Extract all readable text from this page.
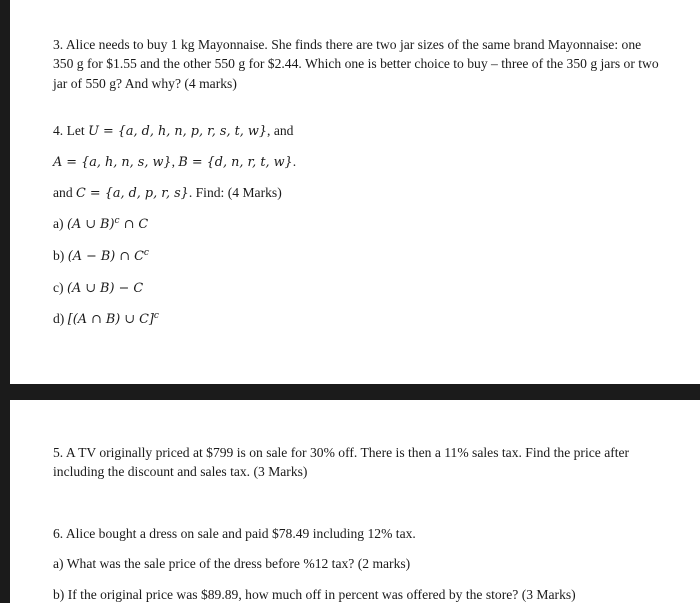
3. Alice needs to buy 1 kg Mayonnaise. She finds there are two jar sizes of the same brand Mayonnaise: one
350 g for $1.55 and the other 550 g for $2.44. Which one is better choice to buy – three of the 350 g jars or two
jar of 550 g? And why? (4 marks)
4. Let U = {a, d, h, n, p, r, s, t, w}, and
A = {a, h, n, s, w}, B = {d, n, r, t, w}.
and C = {a, d, p, r, s}. Find: (4 Marks)
a) (A ∪ B)$^c$ ∩ C
b) (A − B) ∩ $C^c$
c) (A ∪ B) − C
d) [(A ∩ B) ∪ C]$^c$
5. A TV originally priced at $799 is on sale for 30% off. There is then a 11% sales tax. Find the price after
including the discount and sales tax. (3 Marks)
6. Alice bought a dress on sale and paid $78.49 including 12% tax.
a) What was the sale price of the dress before %12 tax? (2 marks)
b) If the original price was $89.89, how much off in percent was offered by the store? (3 Marks)
